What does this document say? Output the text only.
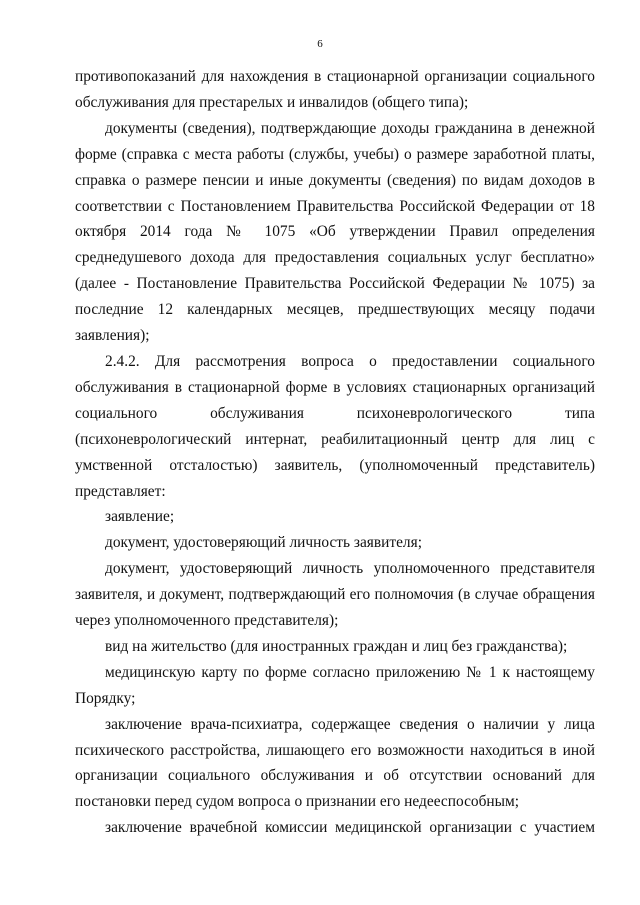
6

противопоказаний для нахождения в стационарной организации социального обслуживания для престарелых и инвалидов (общего типа);

документы (сведения), подтверждающие доходы гражданина в денежной форме (справка с места работы (службы, учебы) о размере заработной платы, справка о размере пенсии и иные документы (сведения) по видам доходов в соответствии с Постановлением Правительства Российской Федерации от 18 октября 2014 года № 1075 «Об утверждении Правил определения среднедушевого дохода для предоставления социальных услуг бесплатно» (далее - Постановление Правительства Российской Федерации № 1075) за последние 12 календарных месяцев, предшествующих месяцу подачи заявления);

2.4.2. Для рассмотрения вопроса о предоставлении социального обслуживания в стационарной форме в условиях стационарных организаций социального обслуживания психоневрологического типа (психоневрологический интернат, реабилитационный центр для лиц с умственной отсталостью) заявитель, (уполномоченный представитель) представляет:

заявление;

документ, удостоверяющий личность заявителя;

документ, удостоверяющий личность уполномоченного представителя заявителя, и документ, подтверждающий его полномочия (в случае обращения через уполномоченного представителя);

вид на жительство (для иностранных граждан и лиц без гражданства);

медицинскую карту по форме согласно приложению № 1 к настоящему Порядку;

заключение врача-психиатра, содержащее сведения о наличии у лица психического расстройства, лишающего его возможности находиться в иной организации социального обслуживания и об отсутствии оснований для постановки перед судом вопроса о признании его недееспособным;

заключение врачебной комиссии медицинской организации с участием
